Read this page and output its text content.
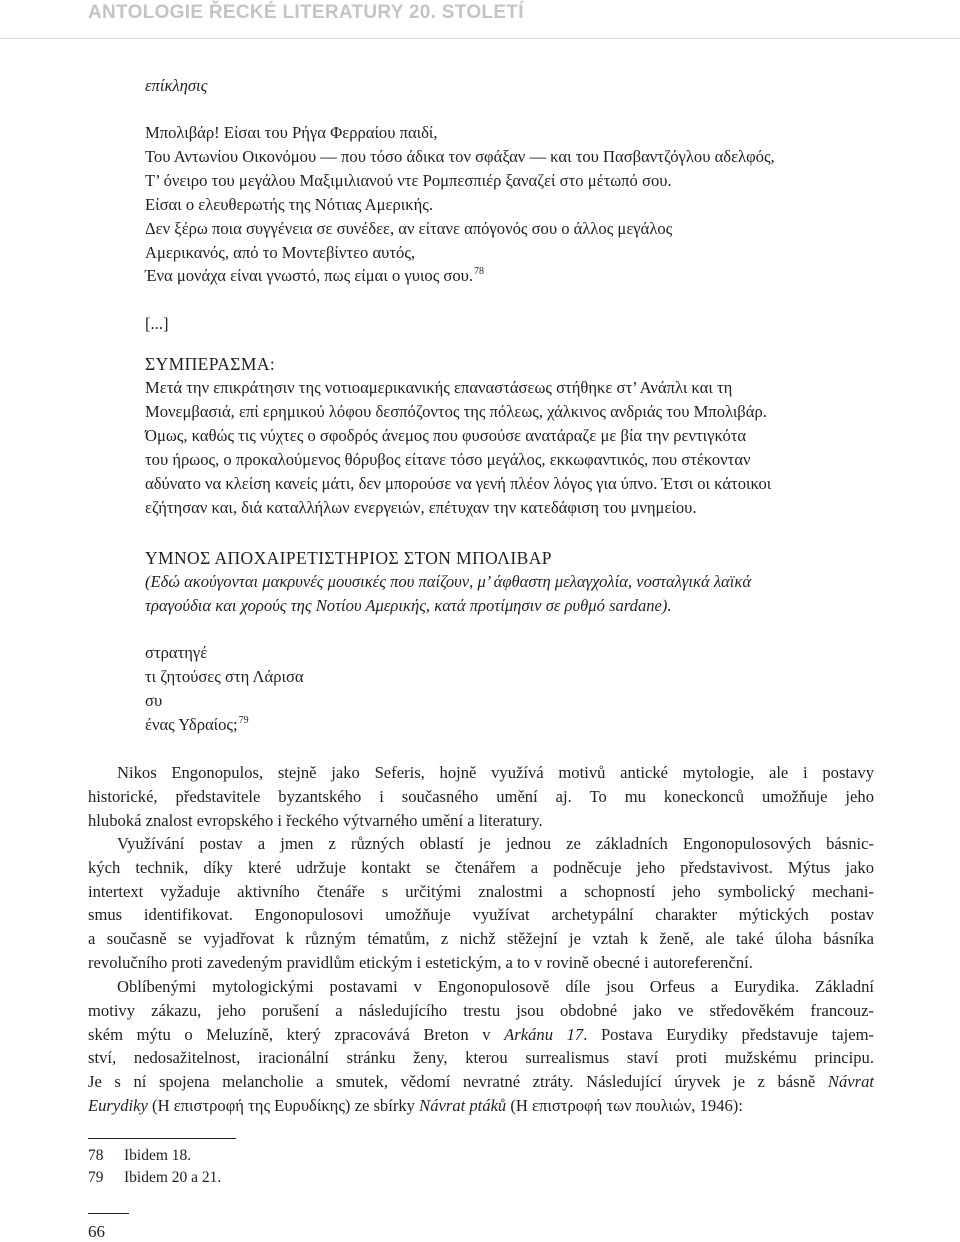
ANTOLOGIE ŘECKÉ LITERATURY 20. STOLETÍ
επίκλησις
Μπολιβάρ! Είσαι του Ρήγα Φερραίου παιδί,
Του Αντωνίου Οικονόμου — που τόσο άδικα τον σφάξαν — και του Πασβαντζόγλου αδελφός,
Τ’ όνειρο του μεγάλου Μαξιμιλιανού ντε Ρομπεσπιέρ ξαναζεί στο μέτωπό σου.
Είσαι ο ελευθερωτής της Νότιας Αμερικής.
Δεν ξέρω ποια συγγένεια σε συνέδεε, αν είτανε απόγονός σου ο άλλος μεγάλος
Αμερικανός, από το Μοντεβίντεο αυτός,
Ένα μονάχα είναι γνωστό, πως είμαι ο γυιος σου.$^{78}$
[...]
ΣΥΜΠΕΡΑΣΜΑ:
Μετά την επικράτησιν της νοτιοαμερικανικής επαναστάσεως στήθηκε στ’ Ανάπλι και τη
Μονεμβασιά, επί ερημικού λόφου δεσπόζοντος της πόλεως, χάλκινος ανδριάς του Μπολιβάρ.
Όμως, καθώς τις νύχτες ο σφοδρός άνεμος που φυσούσε ανατάραζε με βία την ρεντιγκότα
του ήρωος, ο προκαλούμενος θόρυβος είτανε τόσο μεγάλος, εκκωφαντικός, που στέκονταν
αδύνατο να κλείση κανείς μάτι, δεν μπορούσε να γενή πλέον λόγος για ύπνο. Έτσι οι κάτοικοι
εζήτησαν και, διά καταλλήλων ενεργειών, επέτυχαν την κατεδάφιση του μνημείου.
ΥΜΝΟΣ ΑΠΟΧΑΙΡΕΤΙΣΤΗΡΙΟΣ ΣΤΟΝ ΜΠΟΛΙΒΑΡ
(Εδώ ακούγονται μακρυνές μουσικές που παίζουν, μ’ άφθαστη μελαγχολία, νοσταλγικά λαϊκά
τραγούδια και χορούς της Νοτίου Αμερικής, κατά προτίμησιν σε ρυθμό sardane).
στρατηγέ
τι ζητούσες στη Λάρισα
συ
ένας Υδραίος;$^{79}$
Nikos Engonopulos, stejně jako Seferis, hojně využívá motivů antické mytologie, ale i postavy
historické, představitele byzantského i současného umění aj. To mu koneckonců umožňuje jeho
hluboká znalost evropského i řeckého výtvarného umění a literatury.
Využívání postav a jmen z různých oblastí je jednou ze základních Engonopulosových básnic-
kých technik, díky které udržuje kontakt se čtenářem a podněcuje jeho představivost. Mýtus jako
intertext vyžaduje aktivního čtenáře s určitými znalostmi a schopností jeho symbolický mechani-
smus identifikovat. Engonopulosovi umožňuje využívat archetypální charakter mýtických postav
a současně se vyjadřovat k různým tématům, z nichž stěžejní je vztah k ženě, ale také úloha básníka
revolučního proti zavedeným pravidlům etickým i estetickým, a to v rovině obecné i autoreferenční.
Oblíbenými mytologickými postavami v Engonopulosově díle jsou Orfeus a Eurydika. Základní
motivy zákazu, jeho porušení a následujícího trestu jsou obdobné jako ve středověkém francouz-
ském mýtu o Meluzíně, který zpracovává Breton v Arkánu 17. Postava Eurydiky představuje tajem-
ství, nedosažitelnost, iracionální stránku ženy, kterou surrealismus staví proti mužskému principu.
Je s ní spojena melancholie a smutek, vědomí nevratné ztráty. Následující úryvek je z básně Návrat
Eurydiky (Η επιστροφή της Ευρυδίκης) ze sbírky Návrat ptáků (Η επιστροφή των πουλιών, 1946):
78 Ibidem 18.
79 Ibidem 20 a 21.
66
